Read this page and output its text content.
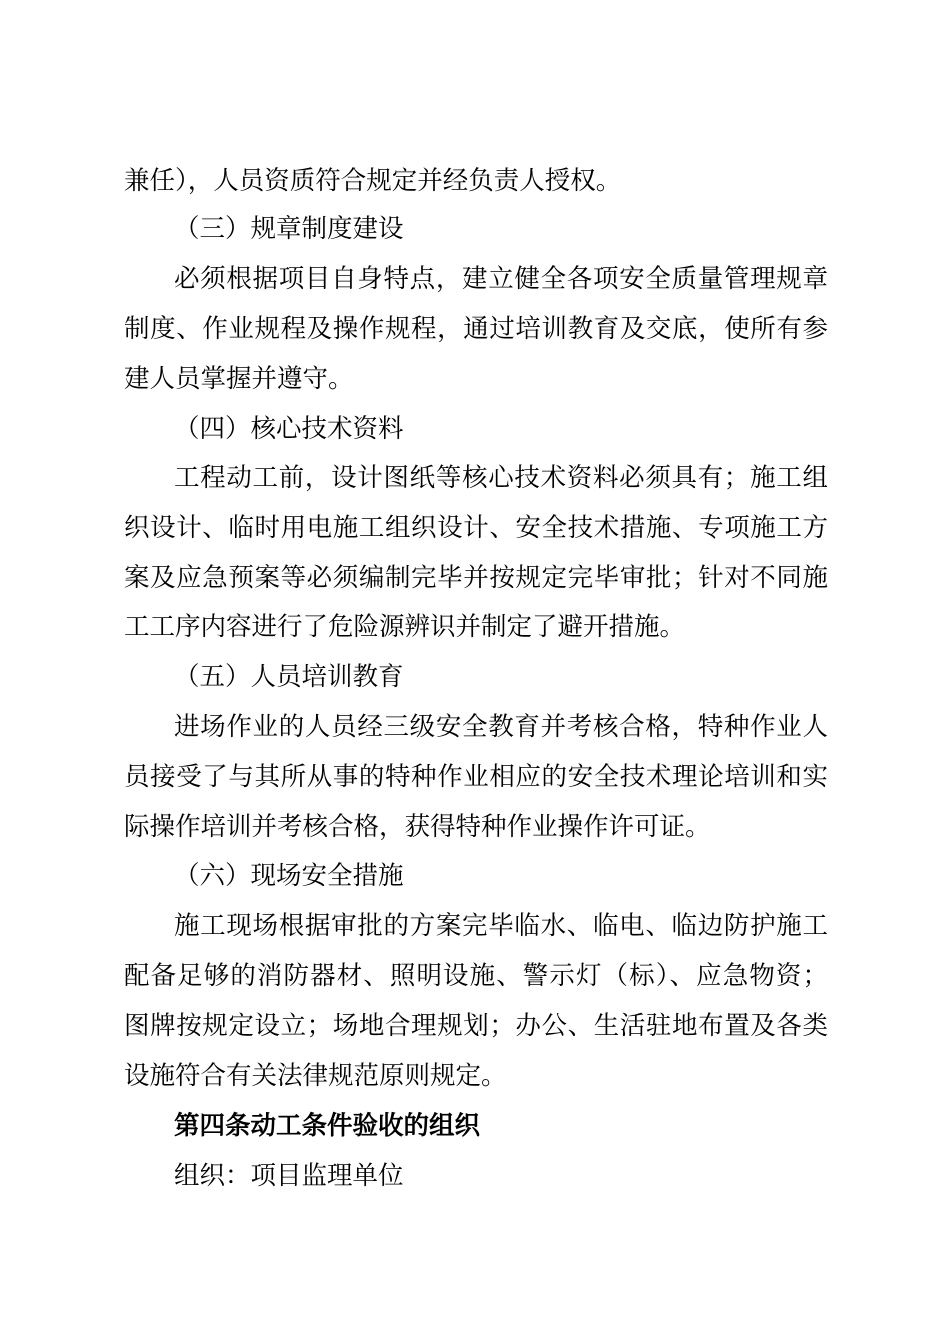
兼任），人员资质符合规定并经负责人授权。
（三）规章制度建设
必须根据项目自身特点，建立健全各项安全质量管理规章
制度、作业规程及操作规程，通过培训教育及交底，使所有参
建人员掌握并遵守。
（四）核心技术资料
工程动工前，设计图纸等核心技术资料必须具有；施工组
织设计、临时用电施工组织设计、安全技术措施、专项施工方
案及应急预案等必须编制完毕并按规定完毕审批；针对不同施
工工序内容进行了危险源辨识并制定了避开措施。
（五）人员培训教育
进场作业的人员经三级安全教育并考核合格，特种作业人
员接受了与其所从事的特种作业相应的安全技术理论培训和实
际操作培训并考核合格，获得特种作业操作许可证。
（六）现场安全措施
施工现场根据审批的方案完毕临水、临电、临边防护施工
配备足够的消防器材、照明设施、警示灯（标）、应急物资；
图牌按规定设立；场地合理规划；办公、生活驻地布置及各类
设施符合有关法律规范原则规定。
第四条动工条件验收的组织
组织：项目监理单位
